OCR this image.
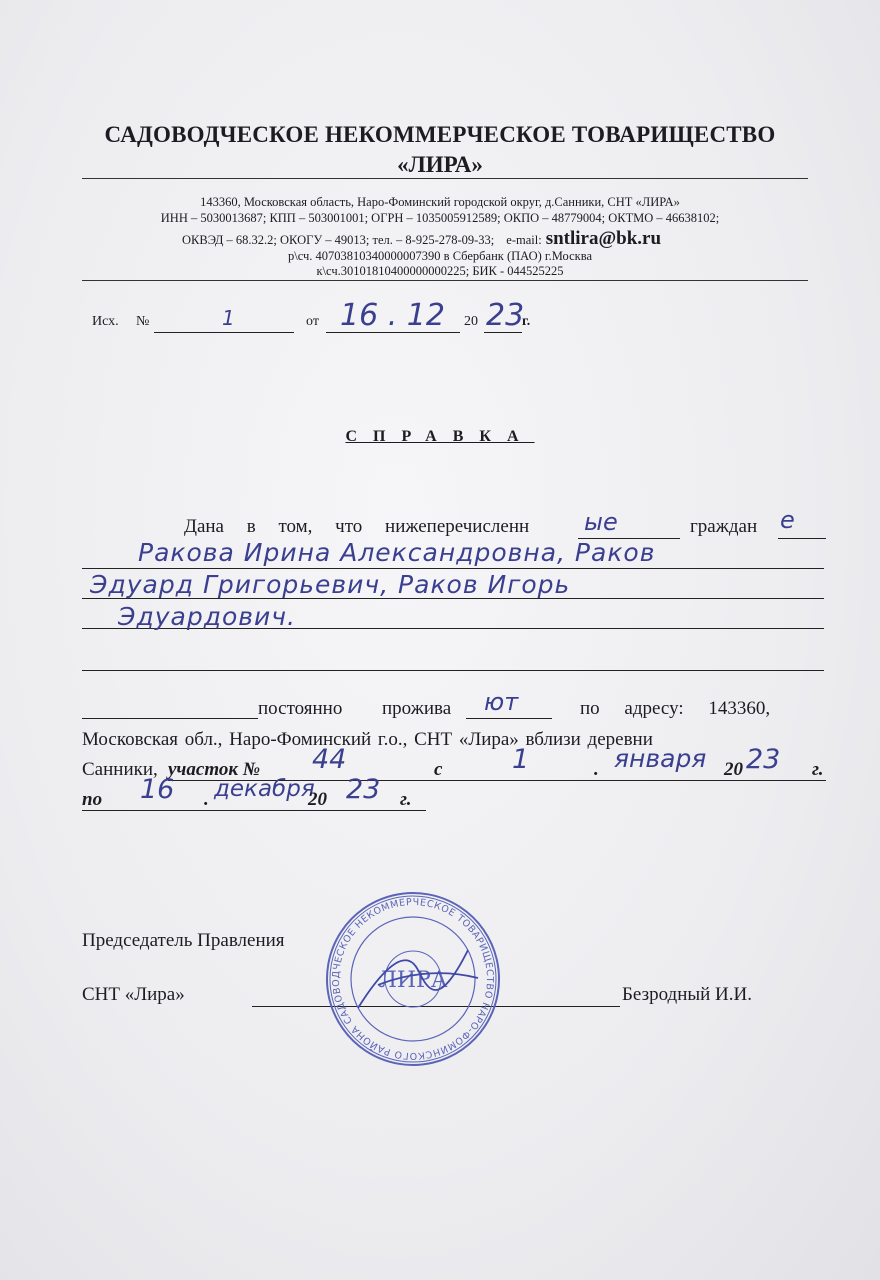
САДОВОДЧЕСКОЕ НЕКОММЕРЧЕСКОЕ ТОВАРИЩЕСТВО
«ЛИРА»
143360, Московская область, Наро-Фоминский городской округ, д.Санники, СНТ «ЛИРА»
ИНН – 5030013687; КПП – 503001001; ОГРН – 1035005912589; ОКПО – 48779004; ОКТМО – 46638102;
ОКВЭД – 68.32.2; ОКОГУ – 49013; тел. – 8-925-278-09-33; e-mail: sntlira@bk.ru
р\сч. 40703810340000007390 в Сбербанк (ПАО) г.Москва
к\сч.30101810400000000225; БИК - 044525225
Исх. №	1	от 16 . 12 20 23
г.
СПРАВКА
Дана в том, что нижеперечисленн ые	граждан е
Ракова Ирина Александровна, Раков
Эдуард Григорьевич, Раков Игорь
Эдуардович.
постоянно прожива ют	по адресу: 143360,
Московская обл., Наро-Фоминский г.о., СНТ «Лира» вблизи деревни
Санники, участок № 44	с	1	. января 20 23 г.
по 16 . декабря
20 23 г.
Председатель Правления
СНТ «Лира»	Безродный И.И.
САДОВОДЧЕСКОЕ НЕКОММЕРЧЕСКОЕ ТОВАРИЩЕСТВО НАРО-ФОМИНСКОГО РАЙОНА
ЛИРА
